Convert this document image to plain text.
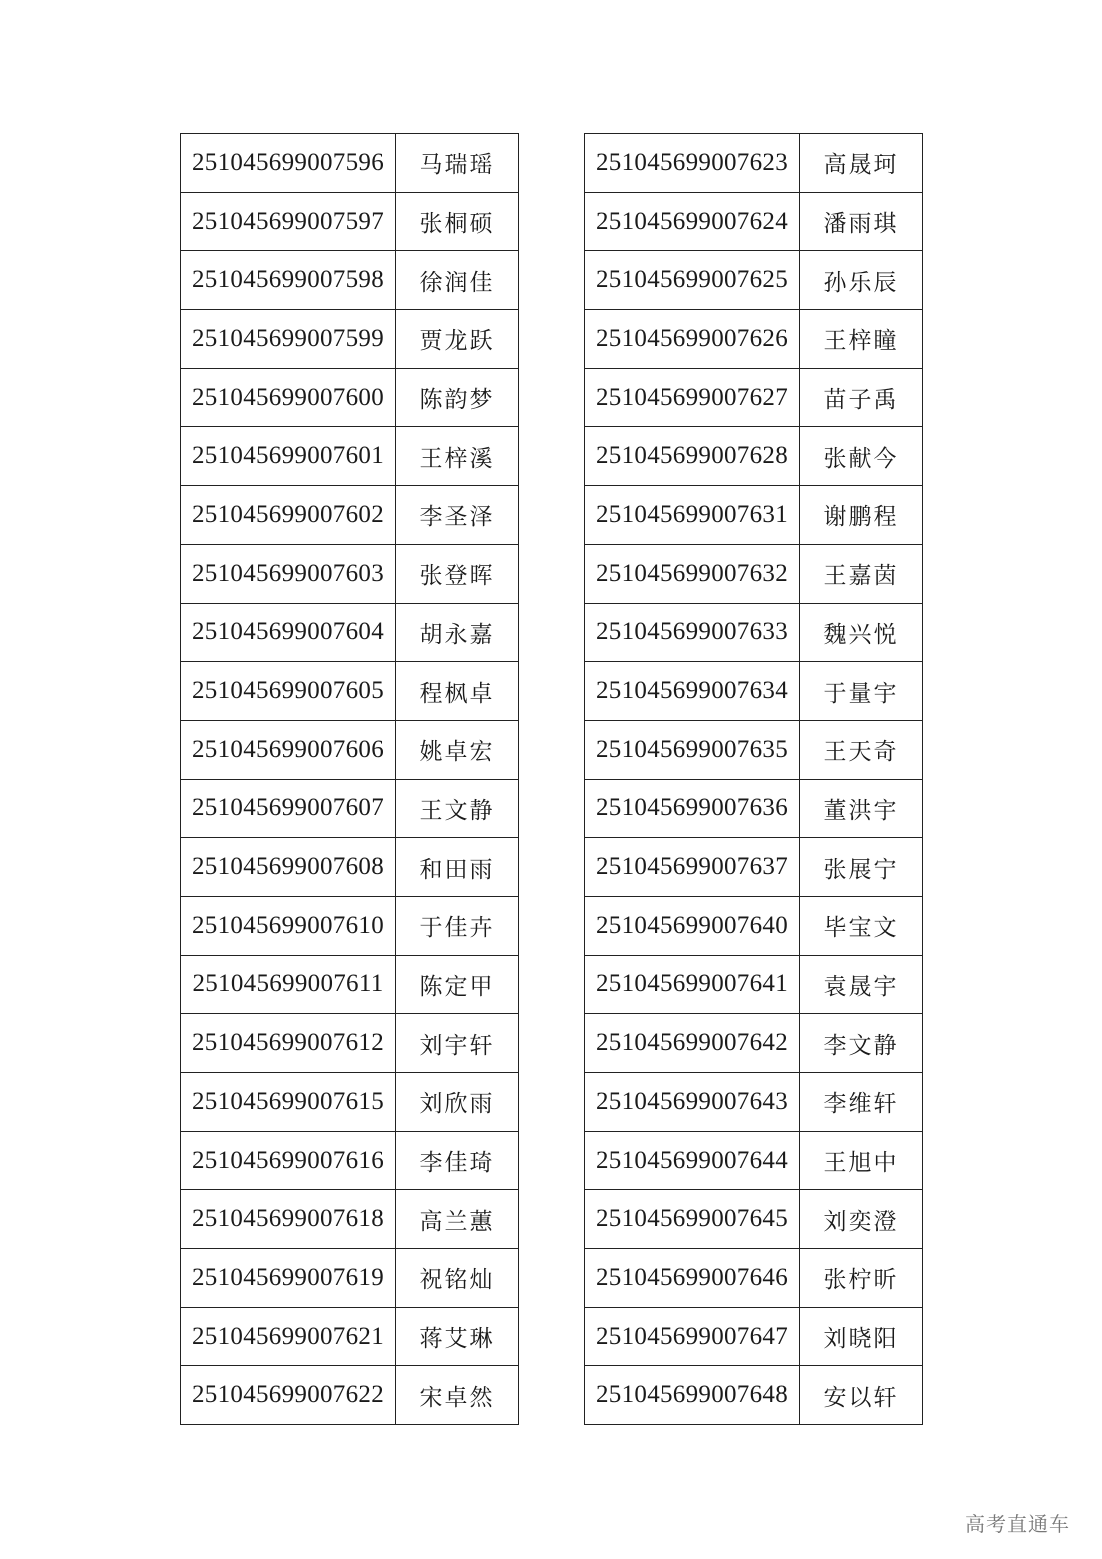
251045699007596	马瑞瑶
251045699007597	张桐硕
251045699007598	徐润佳
251045699007599	贾龙跃
251045699007600	陈韵梦
251045699007601	王梓溪
251045699007602	李圣泽
251045699007603	张登晖
251045699007604	胡永嘉
251045699007605	程枫卓
251045699007606	姚卓宏
251045699007607	王文静
251045699007608	和田雨
251045699007610	于佳卉
251045699007611	陈定甲
251045699007612	刘宇轩
251045699007615	刘欣雨
251045699007616	李佳琦
251045699007618	高兰蕙
251045699007619	祝铭灿
251045699007621	蒋艾琳
251045699007622	宋卓然
251045699007623	高晟珂
251045699007624	潘雨琪
251045699007625	孙乐辰
251045699007626	王梓瞳
251045699007627	苗子禹
251045699007628	张献今
251045699007631	谢鹏程
251045699007632	王嘉茵
251045699007633	魏兴悦
251045699007634	于量宇
251045699007635	王天奇
251045699007636	董洪宇
251045699007637	张展宁
251045699007640	毕宝文
251045699007641	袁晟宇
251045699007642	李文静
251045699007643	李维轩
251045699007644	王旭中
251045699007645	刘奕澄
251045699007646	张柠昕
251045699007647	刘晓阳
251045699007648	安以轩
高考直通车
